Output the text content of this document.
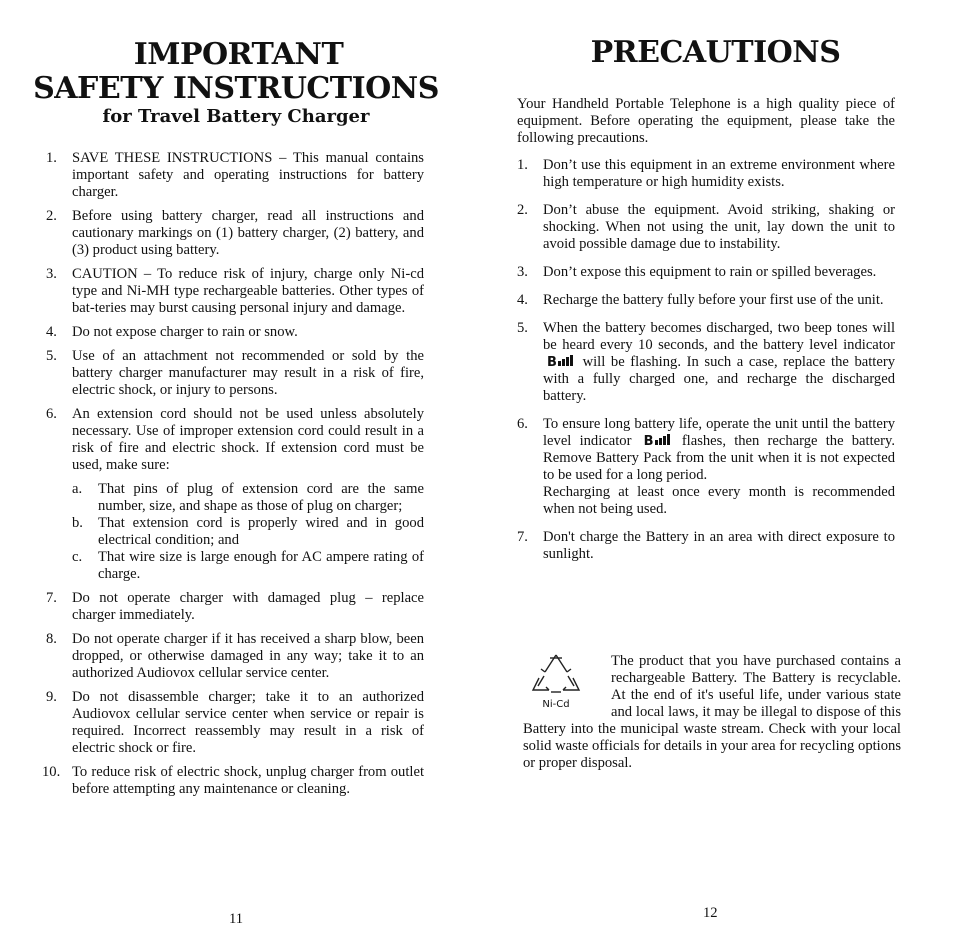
IMPORTANT
SAFETY INSTRUCTIONS
for Travel Battery Charger
1. SAVE THESE INSTRUCTIONS – This manual contains important safety and operating instructions for battery charger.
2. Before using battery charger, read all instructions and cautionary markings on (1) battery charger, (2) battery, and (3) product using battery.
3. CAUTION – To reduce risk of injury, charge only Ni-cd type and Ni-MH type rechargeable batteries. Other types of bat-teries may burst causing personal injury and damage.
4. Do not expose charger to rain or snow.
5. Use of an attachment not recommended or sold by the battery charger manufacturer may result in a risk of fire, electric shock, or injury to persons.
6. An extension cord should not be used unless absolutely necessary. Use of improper extension cord could result in a risk of fire and electric shock. If extension cord must be used, make sure:
a. That pins of plug of extension cord are the same number, size, and shape as those of plug on charger;
b. That extension cord is properly wired and in good electrical condition; and
c. That wire size is large enough for AC ampere rating of charge.
7. Do not operate charger with damaged plug – replace charger immediately.
8. Do not operate charger if it has received a sharp blow, been dropped, or otherwise damaged in any way; take it to an authorized Audiovox cellular service center.
9. Do not disassemble charger; take it to an authorized Audiovox cellular service center when service or repair is required. Incorrect reassembly may result in a risk of electric shock or fire.
10. To reduce risk of electric shock, unplug charger from outlet before attempting any maintenance or cleaning.
11
PRECAUTIONS
Your Handheld Portable Telephone is a high quality piece of equipment. Before operating the equipment, please take the following precautions.
1. Don’t use this equipment in an extreme environment where high temperature or high humidity exists.
2. Don’t abuse the equipment. Avoid striking, shaking or shocking. When not using the unit, lay down the unit to avoid possible damage due to instability.
3. Don’t expose this equipment to rain or spilled beverages.
4. Recharge the battery fully before your first use of the unit.
5. When the battery becomes discharged, two beep tones will be heard every 10 seconds, and the battery level indicator B will be flashing. In such a case, replace the battery with a fully charged one, and recharge the discharged battery.
6. To ensure long battery life, operate the unit until the battery level indicator B flashes, then recharge the battery. Remove Battery Pack from the unit when it is not expected to be used for a long period.
Recharging at least once every month is recommended when not being used.
7. Don't charge the Battery in an area with direct exposure to sunlight.
Ni-Cd
The product that you have purchased contains a rechargeable Battery. The Battery is recyclable. At the end of it's useful life, under various state and local laws, it may be illegal to dispose of this Battery into the municipal waste stream. Check with your local solid waste officials for details in your area for recycling options or proper disposal.
12
